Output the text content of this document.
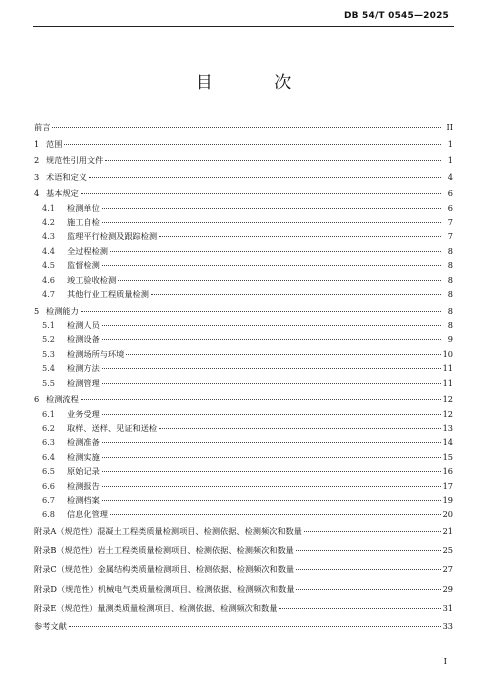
DB 54/T 0545—2025
目 次
前言	II
1 范围	1
2 规范性引用文件	1
3 术语和定义	4
4 基本规定	6
4.1	检测单位	6
4.2	施工自检	7
4.3	监理平行检测及跟踪检测	7
4.4	全过程检测	8
4.5	监督检测	8
4.6	竣工验收检测	8
4.7	其他行业工程质量检测	8
5 检测能力	8
5.1	检测人员	8
5.2	检测设备	9
5.3	检测场所与环境	10
5.4	检测方法	11
5.5	检测管理	11
6 检测流程	12
6.1	业务受理	12
6.2	取样、送样、见证和送检	13
6.3	检测准备	14
6.4	检测实施	15
6.5	原始记录	16
6.6	检测报告	17
6.7	检测档案	19
6.8	信息化管理	20
附录A（规范性） 混凝土工程类质量检测项目、检测依据、检测频次和数量	21
附录B（规范性） 岩土工程类质量检测项目、检测依据、检测频次和数量	25
附录C（规范性） 金属结构类质量检测项目、检测依据、检测频次和数量	27
附录D（规范性） 机械电气类质量检测项目、检测依据、检测频次和数量	29
附录E（规范性） 量测类质量检测项目、检测依据、检测频次和数量	31
参考文献	33
I
